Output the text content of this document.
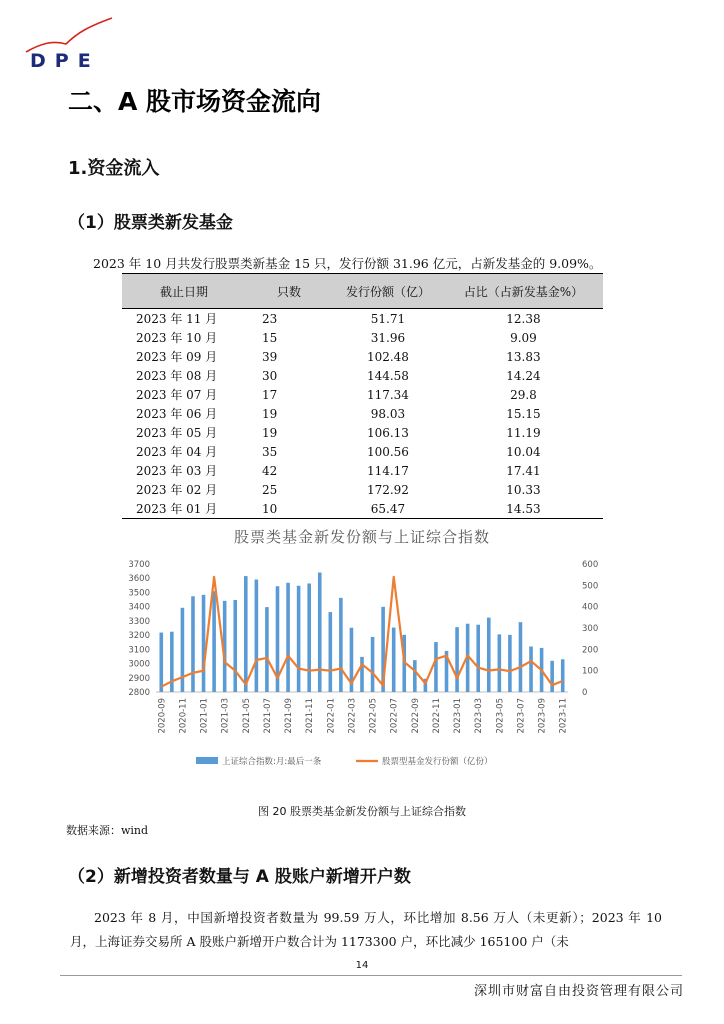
DPE
二、A 股市场资金流向
1.资金流入
（1）股票类新发基金
2023 年 10 月共发行股票类新基金 15 只，发行份额 31.96 亿元，占新发基金的 9.09%。
截止日期	只数	发行份额（亿）	占比（占新发基金%）
2023 年 11 月	23	51.71	12.38
2023 年 10 月	15	31.96	9.09
2023 年 09 月	39	102.48	13.83
2023 年 08 月	30	144.58	14.24
2023 年 07 月	17	117.34	29.8
2023 年 06 月	19	98.03	15.15
2023 年 05 月	19	106.13	11.19
2023 年 04 月	35	100.56	10.04
2023 年 03 月	42	114.17	17.41
2023 年 02 月	25	172.92	10.33
2023 年 01 月	10	65.47	14.53
股票类基金新发份额与上证综合指数
2800
2900
3000
3100
3200
3300
3400
3500
3600
3700
0
100
200
300
400
500
600
2020-09 2020-11 2021-01 2021-03 2021-05 2021-07 2021-09 2021-11 2022-01 2022-03 2022-05 2022-07 2022-09 2022-11 2023-01 2023-03 2023-05 2023-07 2023-09 2023-11
上证综合指数:月:最后一条	股票型基金发行份额（亿份）
图 20 股票类基金新发份额与上证综合指数
数据来源：wind
（2）新增投资者数量与 A 股账户新增开户数
2023 年 8 月，中国新增投资者数量为 99.59 万人，环比增加 8.56 万人（未更新）；2023 年 10 月，上海证券交易所 A 股账户新增开户数合计为 1173300 户，环比减少 165100 户（未
14
深圳市财富自由投资管理有限公司
